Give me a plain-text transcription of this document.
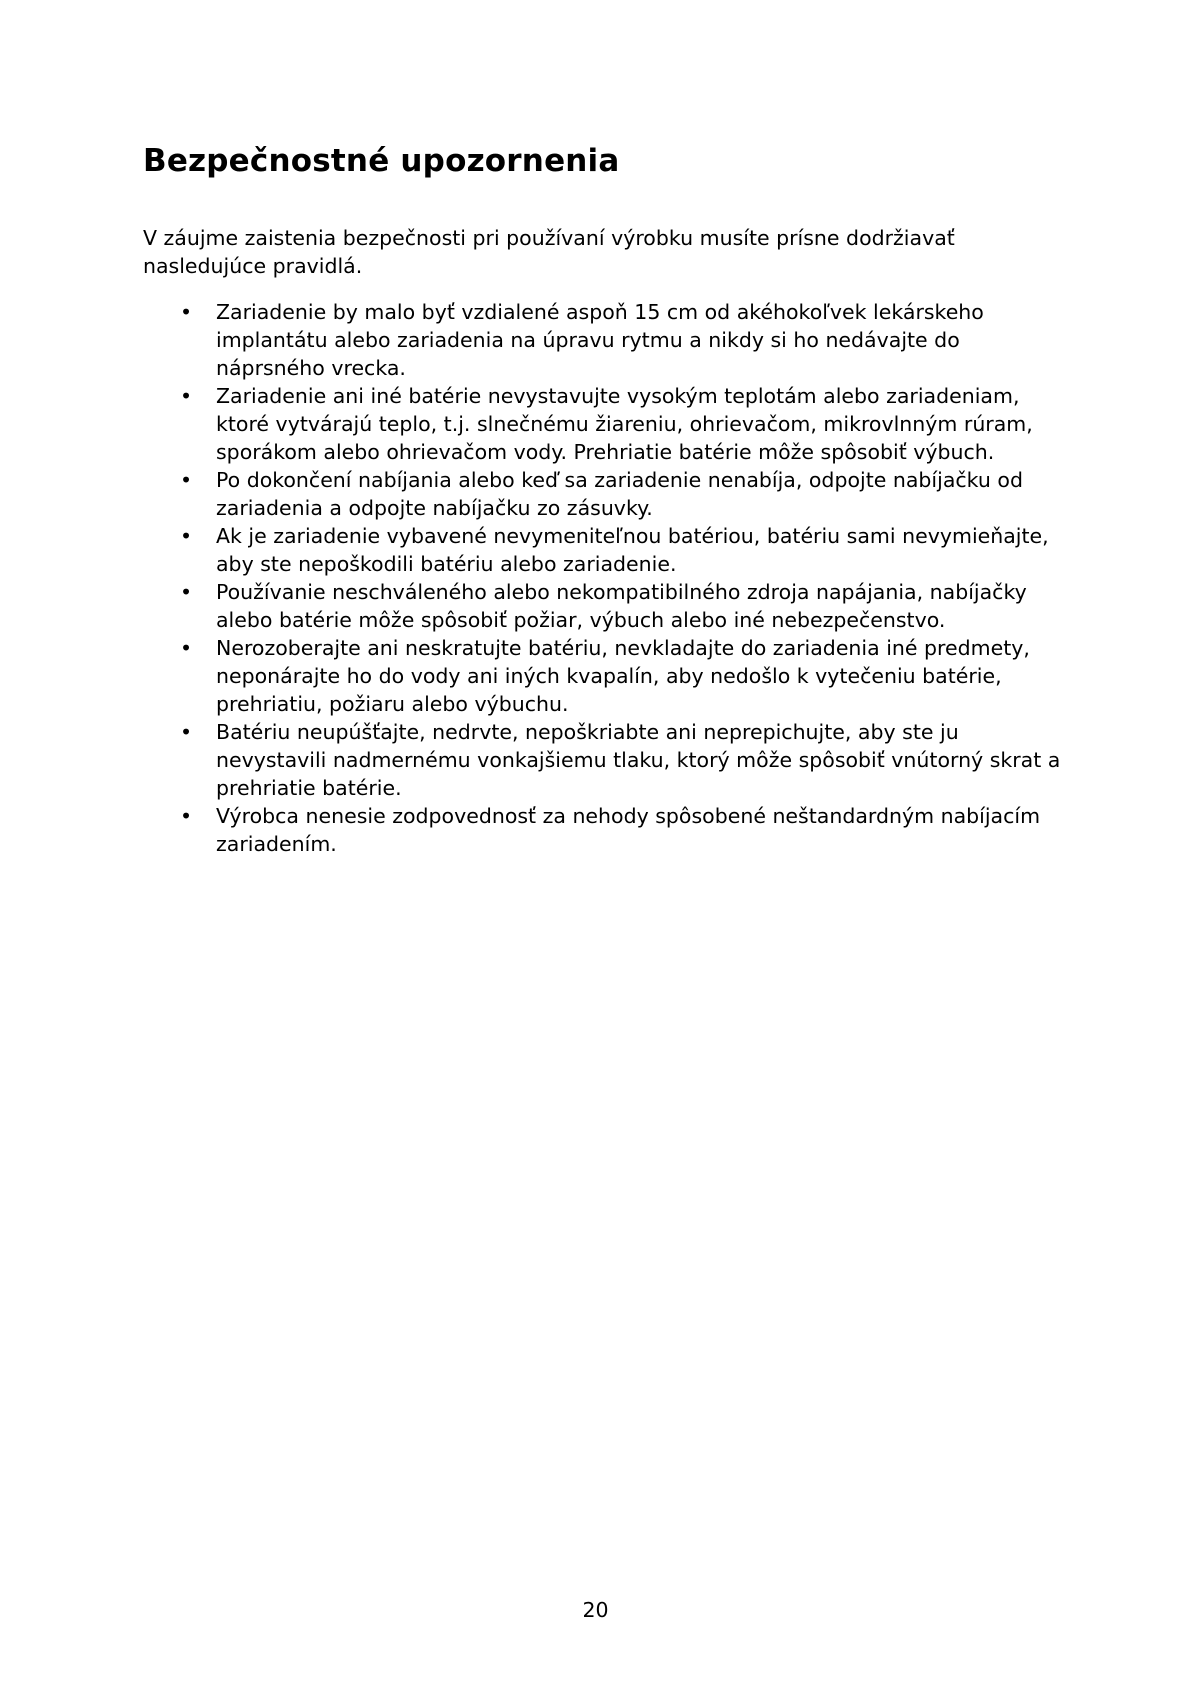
Bezpečnostné upozornenia

V záujme zaistenia bezpečnosti pri používaní výrobku musíte prísne dodržiavať nasledujúce pravidlá.

• Zariadenie by malo byť vzdialené aspoň 15 cm od akéhokoľvek lekárskeho implantátu alebo zariadenia na úpravu rytmu a nikdy si ho nedávajte do náprsného vrecka.
• Zariadenie ani iné batérie nevystavujte vysokým teplotám alebo zariadeniam, ktoré vytvárajú teplo, t.j. slnečnému žiareniu, ohrievačom, mikrovlnným rúram, sporákom alebo ohrievačom vody. Prehriatie batérie môže spôsobiť výbuch.
• Po dokončení nabíjania alebo keď sa zariadenie nenabíja, odpojte nabíjačku od zariadenia a odpojte nabíjačku zo zásuvky.
• Ak je zariadenie vybavené nevymeniteľnou batériou, batériu sami nevymieňajte, aby ste nepoškodili batériu alebo zariadenie.
• Používanie neschváleného alebo nekompatibilného zdroja napájania, nabíjačky alebo batérie môže spôsobiť požiar, výbuch alebo iné nebezpečenstvo.
• Nerozoberajte ani neskratujte batériu, nevkladajte do zariadenia iné predmety, neponárajte ho do vody ani iných kvapalín, aby nedošlo k vytečeniu batérie, prehriatiu, požiaru alebo výbuchu.
• Batériu neupúšťajte, nedrvte, nepoškriabte ani neprepichujte, aby ste ju nevystavili nadmernému vonkajšiemu tlaku, ktorý môže spôsobiť vnútorný skrat a prehriatie batérie.
• Výrobca nenesie zodpovednosť za nehody spôsobené neštandardným nabíjacím zariadením.
20
